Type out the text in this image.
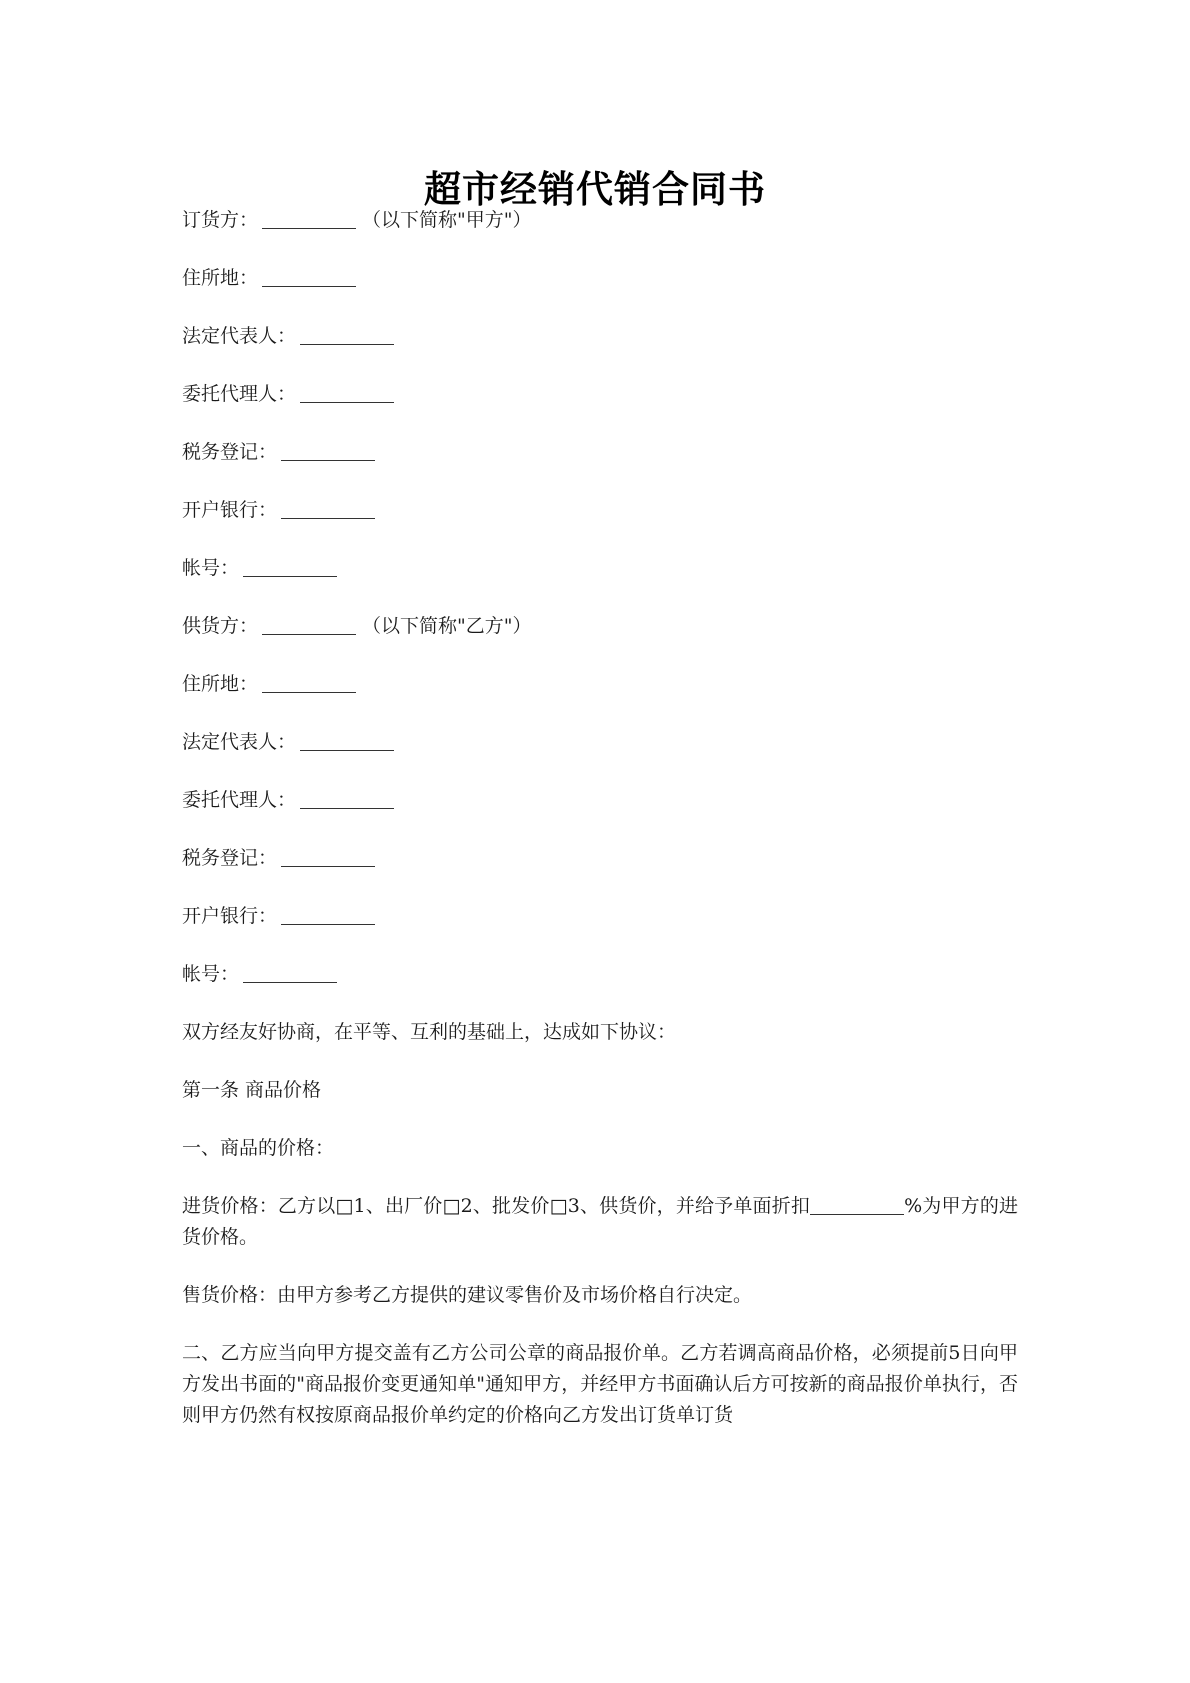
超市经销代销合同书
订货方：	（以下简称"甲方"）
住所地：
法定代表人：
委托代理人：
税务登记：
开户银行：
帐号：
供货方：	（以下简称"乙方"）
住所地：
法定代表人：
委托代理人：
税务登记：
开户银行：
帐号：
双方经友好协商，在平等、互利的基础上，达成如下协议：
第一条 商品价格
一、商品的价格：
进货价格：乙方以□1、出厂价□2、批发价□3、供货价，并给予单面折扣	%为甲方的进货价格。
售货价格：由甲方参考乙方提供的建议零售价及市场价格自行决定。
二、乙方应当向甲方提交盖有乙方公司公章的商品报价单。乙方若调高商品价格，必须提前5日向甲方发出书面的"商品报价变更通知单"通知甲方，并经甲方书面确认后方可按新的商品报价单执行，否则甲方仍然有权按原商品报价单约定的价格向乙方发出订货单订货
